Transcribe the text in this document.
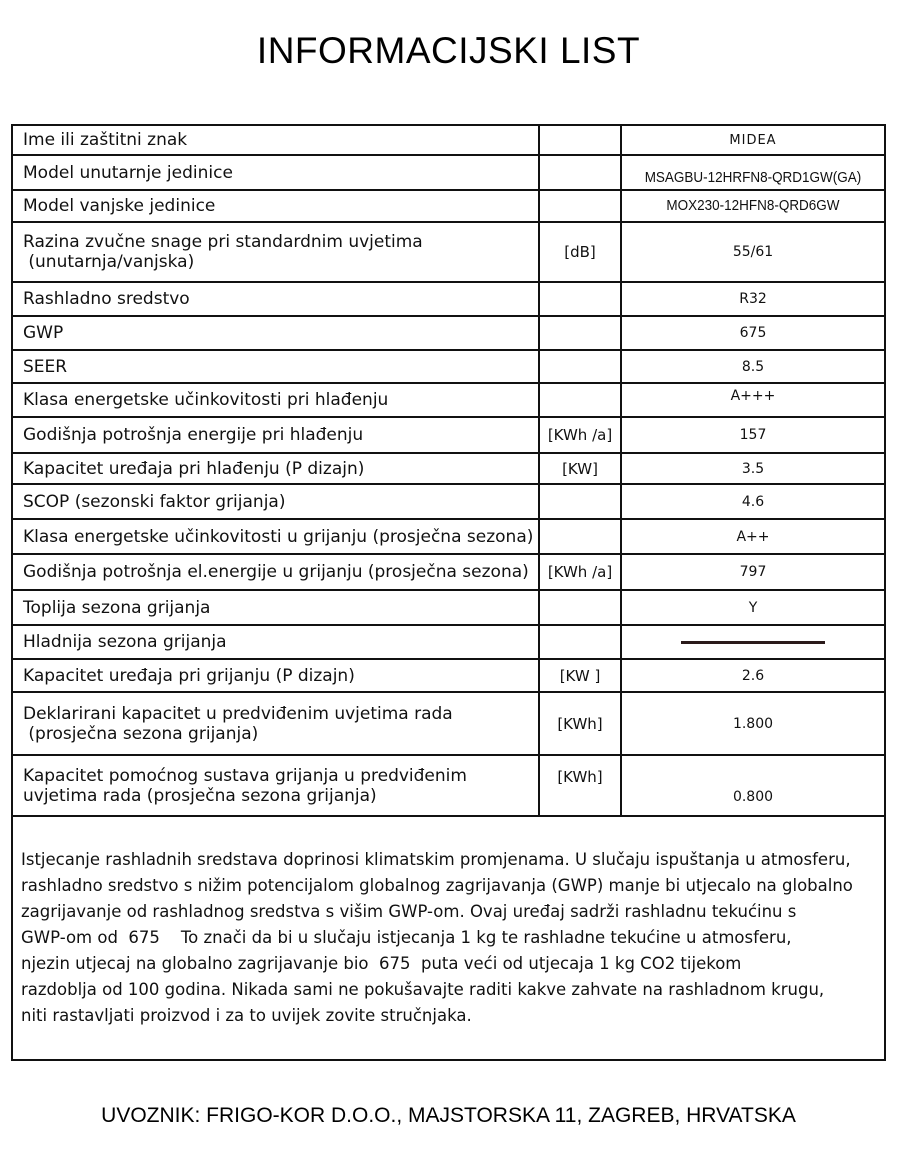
INFORMACIJSKI LIST
Ime ili zaštitni znak		MIDEA
Model unutarnje jedinice		MSAGBU-12HRFN8-QRD1GW(GA)
Model vanjske jedinice		MOX230-12HFN8-QRD6GW

Razina zvučne snage pri standardnim uvjetima
(unutarnja/vanjska)	[dB]	55/61
Rashladno sredstvo		R32
GWP		675
SEER		8.5
Klasa energetske učinkovitosti pri hlađenju		A+++
Godišnja potrošnja energije pri hlađenju	[KWh /a]	157
Kapacitet uređaja pri hlađenju (P dizajn)	[KW]	3.5
SCOP (sezonski faktor grijanja)		4.6
Klasa energetske učinkovitosti u grijanju (prosječna sezona)		A++
Godišnja potrošnja el.energije u grijanju (prosječna sezona)	[KWh /a]	797
Toplija sezona grijanja		Y
Hladnija sezona grijanja		
Kapacitet uređaja pri grijanju (P dizajn)	[KW ]	2.6

Deklarirani kapacitet u predviđenim uvjetima rada
(prosječna sezona grijanja)	[KWh]	1.800

Kapacitet pomoćnog sustava grijanja u predviđenim
uvjetima rada (prosječna sezona grijanja)	[KWh]	0.800
Istjecanje rashladnih sredstava doprinosi klimatskim promjenama. U slučaju ispuštanja u atmosferu,
rashladno sredstvo s nižim potencijalom globalnog zagrijavanja (GWP) manje bi utjecalo na globalno
zagrijavanje od rashladnog sredstva s višim GWP-om. Ovaj uređaj sadrži rashladnu tekućinu s
GWP-om od  675    To znači da bi u slučaju istjecanja 1 kg te rashladne tekućine u atmosferu,
njezin utjecaj na globalno zagrijavanje bio  675  puta veći od utjecaja 1 kg CO2 tijekom
razdoblja od 100 godina. Nikada sami ne pokušavajte raditi kakve zahvate na rashladnom krugu,
niti rastavljati proizvod i za to uvijek zovite stručnjaka.
UVOZNIK: FRIGO-KOR D.O.O., MAJSTORSKA 11, ZAGREB, HRVATSKA
